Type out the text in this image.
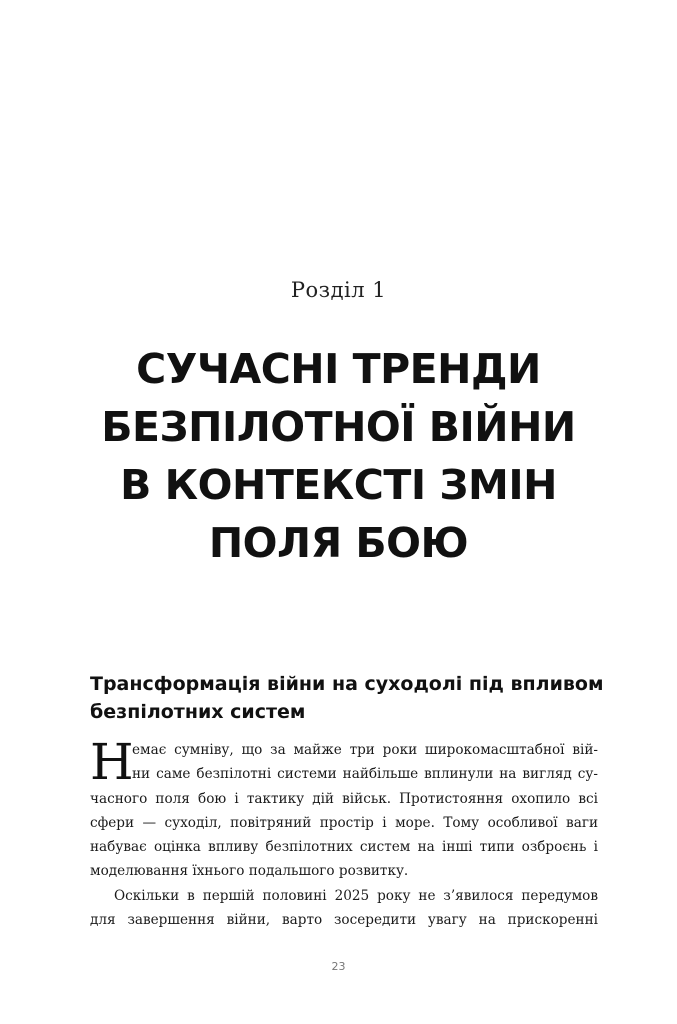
Розділ 1
СУЧАСНІ ТРЕНДИ
БЕЗПІЛОТНОЇ ВІЙНИ
В КОНТЕКСТІ ЗМІН
ПОЛЯ БОЮ
Трансформація війни на суходолі під впливом
безпілотних систем
Н
емає сумніву, що за майже три роки широкомасштабної вій-
ни саме безпілотні системи найбільше вплинули на вигляд су-
часного поля бою і тактику дій військ. Протистояння охопило всі
сфери — суходіл, повітряний простір і море. Тому особливої ваги
набуває оцінка впливу безпілотних систем на інші типи озброєнь і
моделювання їхнього подальшого розвитку.
Оскільки в першій половині 2025 року не з’явилося передумов
для завершення війни, варто зосередити увагу на прискоренні
23
